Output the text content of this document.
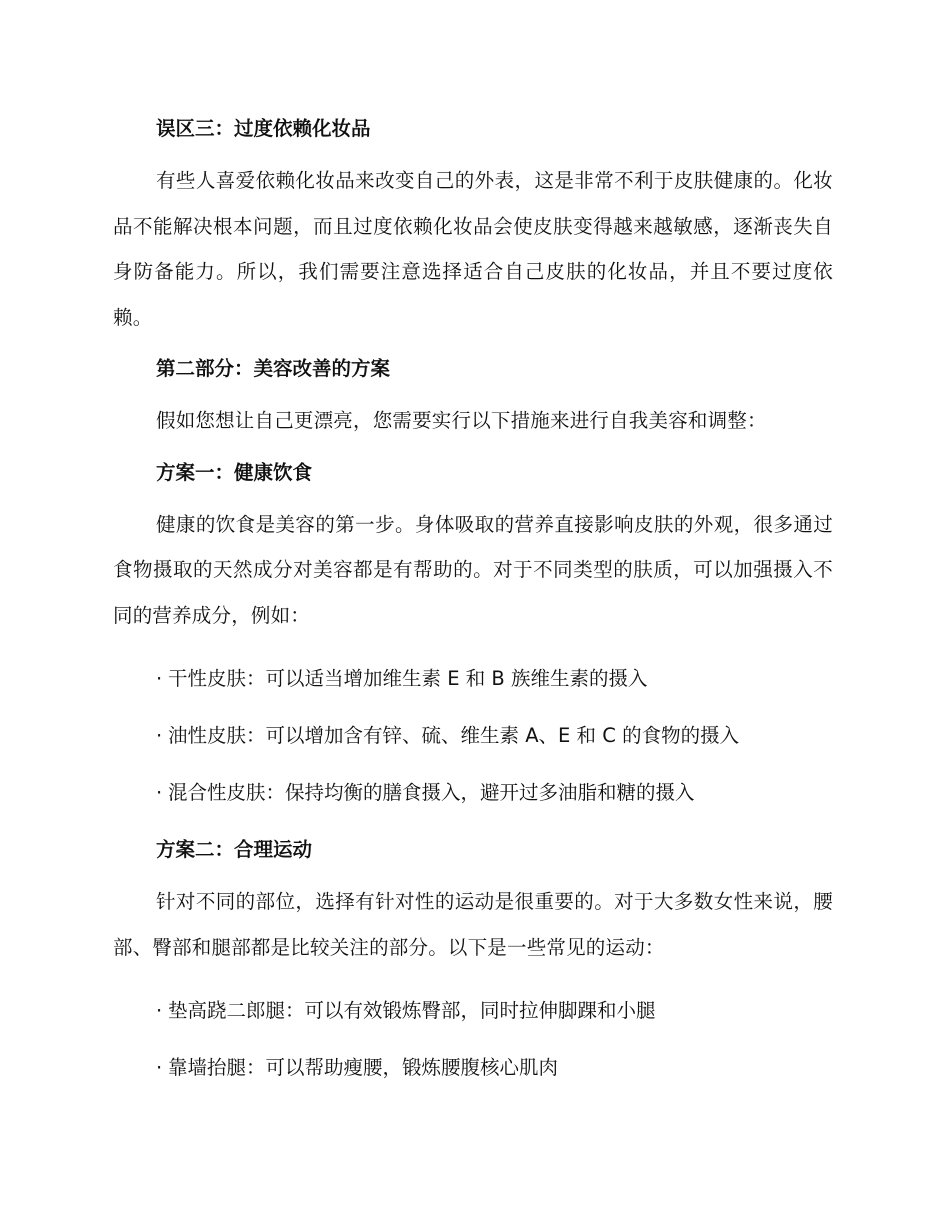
误区三：过度依赖化妆品

有些人喜爱依赖化妆品来改变自己的外表，这是非常不利于皮肤健康的。化妆品不能解决根本问题，而且过度依赖化妆品会使皮肤变得越来越敏感，逐渐丧失自身防备能力。所以，我们需要注意选择适合自己皮肤的化妆品，并且不要过度依赖。

第二部分：美容改善的方案

假如您想让自己更漂亮，您需要实行以下措施来进行自我美容和调整：

方案一：健康饮食

健康的饮食是美容的第一步。身体吸取的营养直接影响皮肤的外观，很多通过食物摄取的天然成分对美容都是有帮助的。对于不同类型的肤质，可以加强摄入不同的营养成分，例如：

· 干性皮肤：可以适当增加维生素 E 和 B 族维生素的摄入

· 油性皮肤：可以增加含有锌、硫、维生素 A、E 和 C 的食物的摄入

· 混合性皮肤：保持均衡的膳食摄入，避开过多油脂和糖的摄入

方案二：合理运动

针对不同的部位，选择有针对性的运动是很重要的。对于大多数女性来说，腰部、臀部和腿部都是比较关注的部分。以下是一些常见的运动：

· 垫高跷二郎腿：可以有效锻炼臀部，同时拉伸脚踝和小腿

· 靠墙抬腿：可以帮助瘦腰，锻炼腰腹核心肌肉
